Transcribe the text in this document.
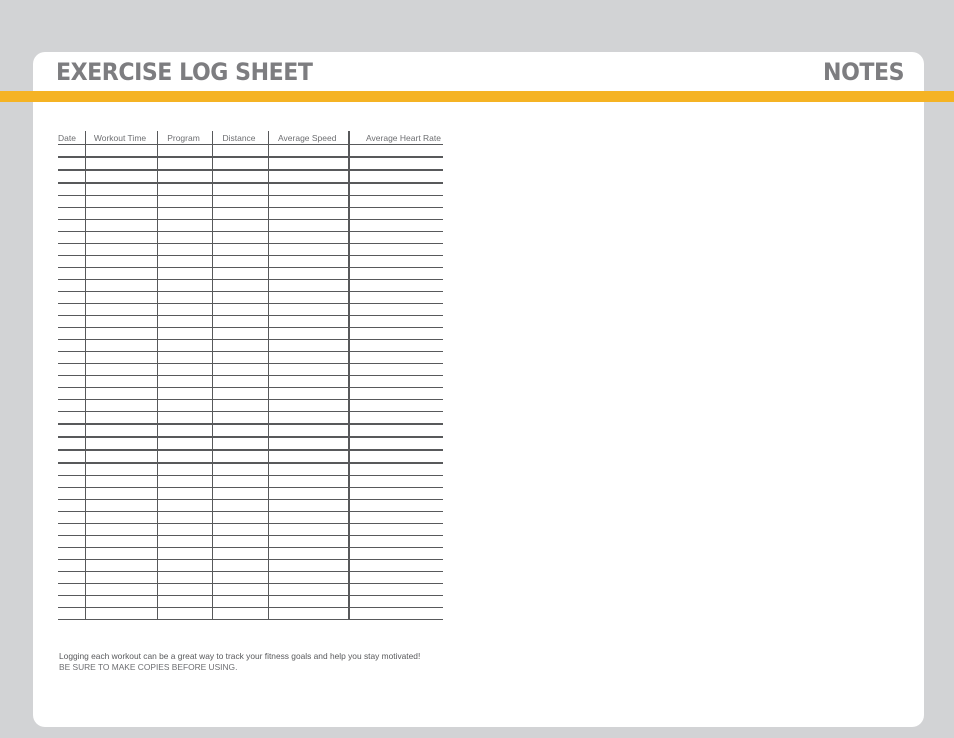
EXERCISE LOG SHEET	NOTES
Date	Workout Time	Program	Distance	Average Speed	Average Heart Rate

Logging each workout can be a great way to track your fitness goals and help you stay motivated!
BE SURE TO MAKE COPIES BEFORE USING.
